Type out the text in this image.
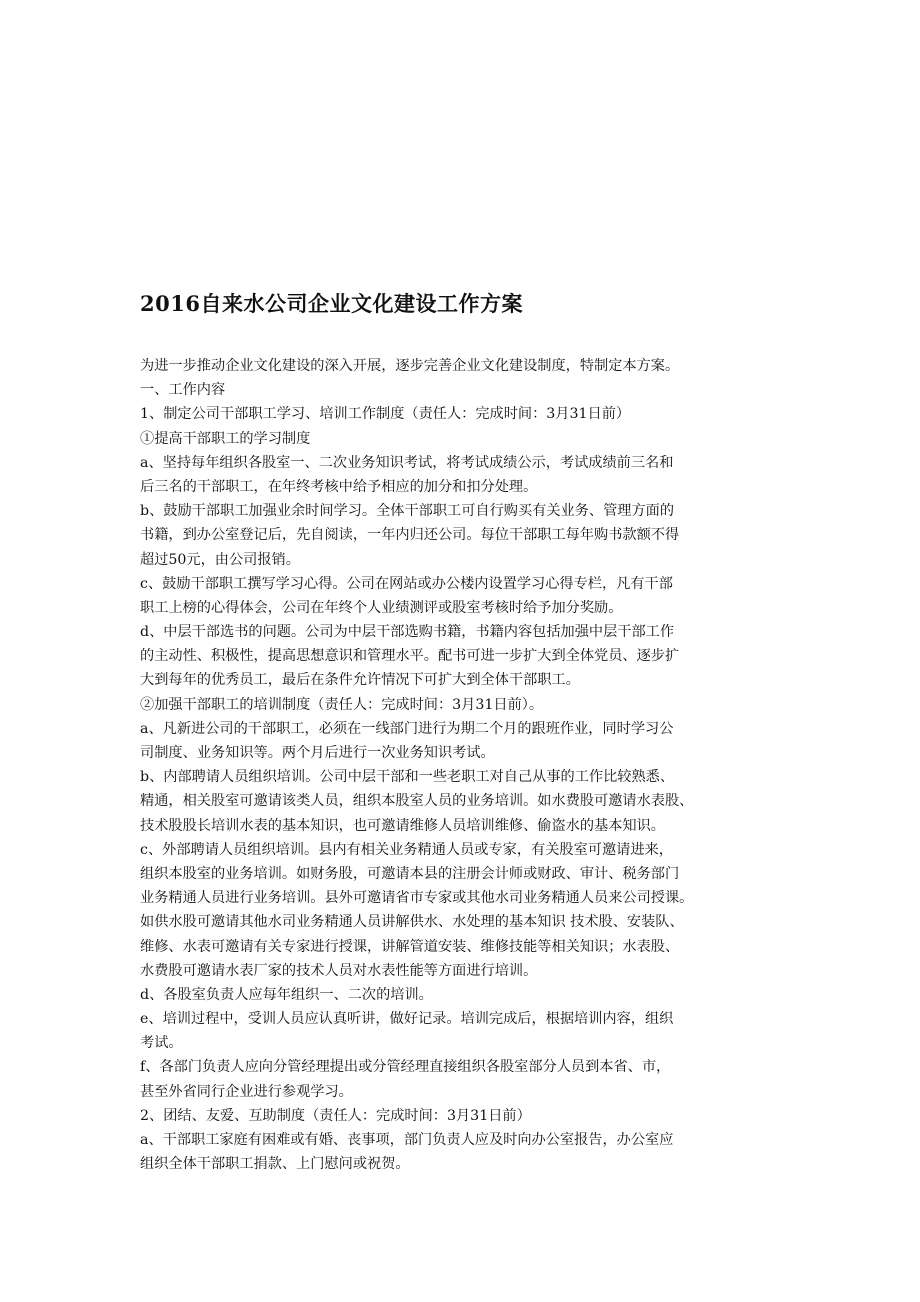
2016自来水公司企业文化建设工作方案
为进一步推动企业文化建设的深入开展，逐步完善企业文化建设制度，特制定本方案。
一、工作内容
1、制定公司干部职工学习、培训工作制度（责任人：完成时间：3月31日前）
①提高干部职工的学习制度
a、坚持每年组织各股室一、二次业务知识考试，将考试成绩公示，考试成绩前三名和
后三名的干部职工，在年终考核中给予相应的加分和扣分处理。
b、鼓励干部职工加强业余时间学习。全体干部职工可自行购买有关业务、管理方面的
书籍，到办公室登记后，先自阅读，一年内归还公司。每位干部职工每年购书款额不得
超过50元，由公司报销。
c、鼓励干部职工撰写学习心得。公司在网站或办公楼内设置学习心得专栏，凡有干部
职工上榜的心得体会，公司在年终个人业绩测评或股室考核时给予加分奖励。
d、中层干部选书的问题。公司为中层干部选购书籍，书籍内容包括加强中层干部工作
的主动性、积极性，提高思想意识和管理水平。配书可进一步扩大到全体党员、逐步扩
大到每年的优秀员工，最后在条件允许情况下可扩大到全体干部职工。
②加强干部职工的培训制度（责任人：完成时间：3月31日前）。
a、凡新进公司的干部职工，必须在一线部门进行为期二个月的跟班作业，同时学习公
司制度、业务知识等。两个月后进行一次业务知识考试。
b、内部聘请人员组织培训。公司中层干部和一些老职工对自己从事的工作比较熟悉、
精通，相关股室可邀请该类人员，组织本股室人员的业务培训。如水费股可邀请水表股、
技术股股长培训水表的基本知识，也可邀请维修人员培训维修、偷盗水的基本知识。
c、外部聘请人员组织培训。县内有相关业务精通人员或专家，有关股室可邀请进来，
组织本股室的业务培训。如财务股，可邀请本县的注册会计师或财政、审计、税务部门
业务精通人员进行业务培训。县外可邀请省市专家或其他水司业务精通人员来公司授课。
如供水股可邀请其他水司业务精通人员讲解供水、水处理的基本知识 技术股、安装队、
维修、水表可邀请有关专家进行授课，讲解管道安装、维修技能等相关知识；水表股、
水费股可邀请水表厂家的技术人员对水表性能等方面进行培训。
d、各股室负责人应每年组织一、二次的培训。
e、培训过程中，受训人员应认真听讲，做好记录。培训完成后，根据培训内容，组织
考试。
f、各部门负责人应向分管经理提出或分管经理直接组织各股室部分人员到本省、市，
甚至外省同行企业进行参观学习。
2、团结、友爱、互助制度（责任人：完成时间：3月31日前）
a、干部职工家庭有困难或有婚、丧事项，部门负责人应及时向办公室报告，办公室应
组织全体干部职工捐款、上门慰问或祝贺。
